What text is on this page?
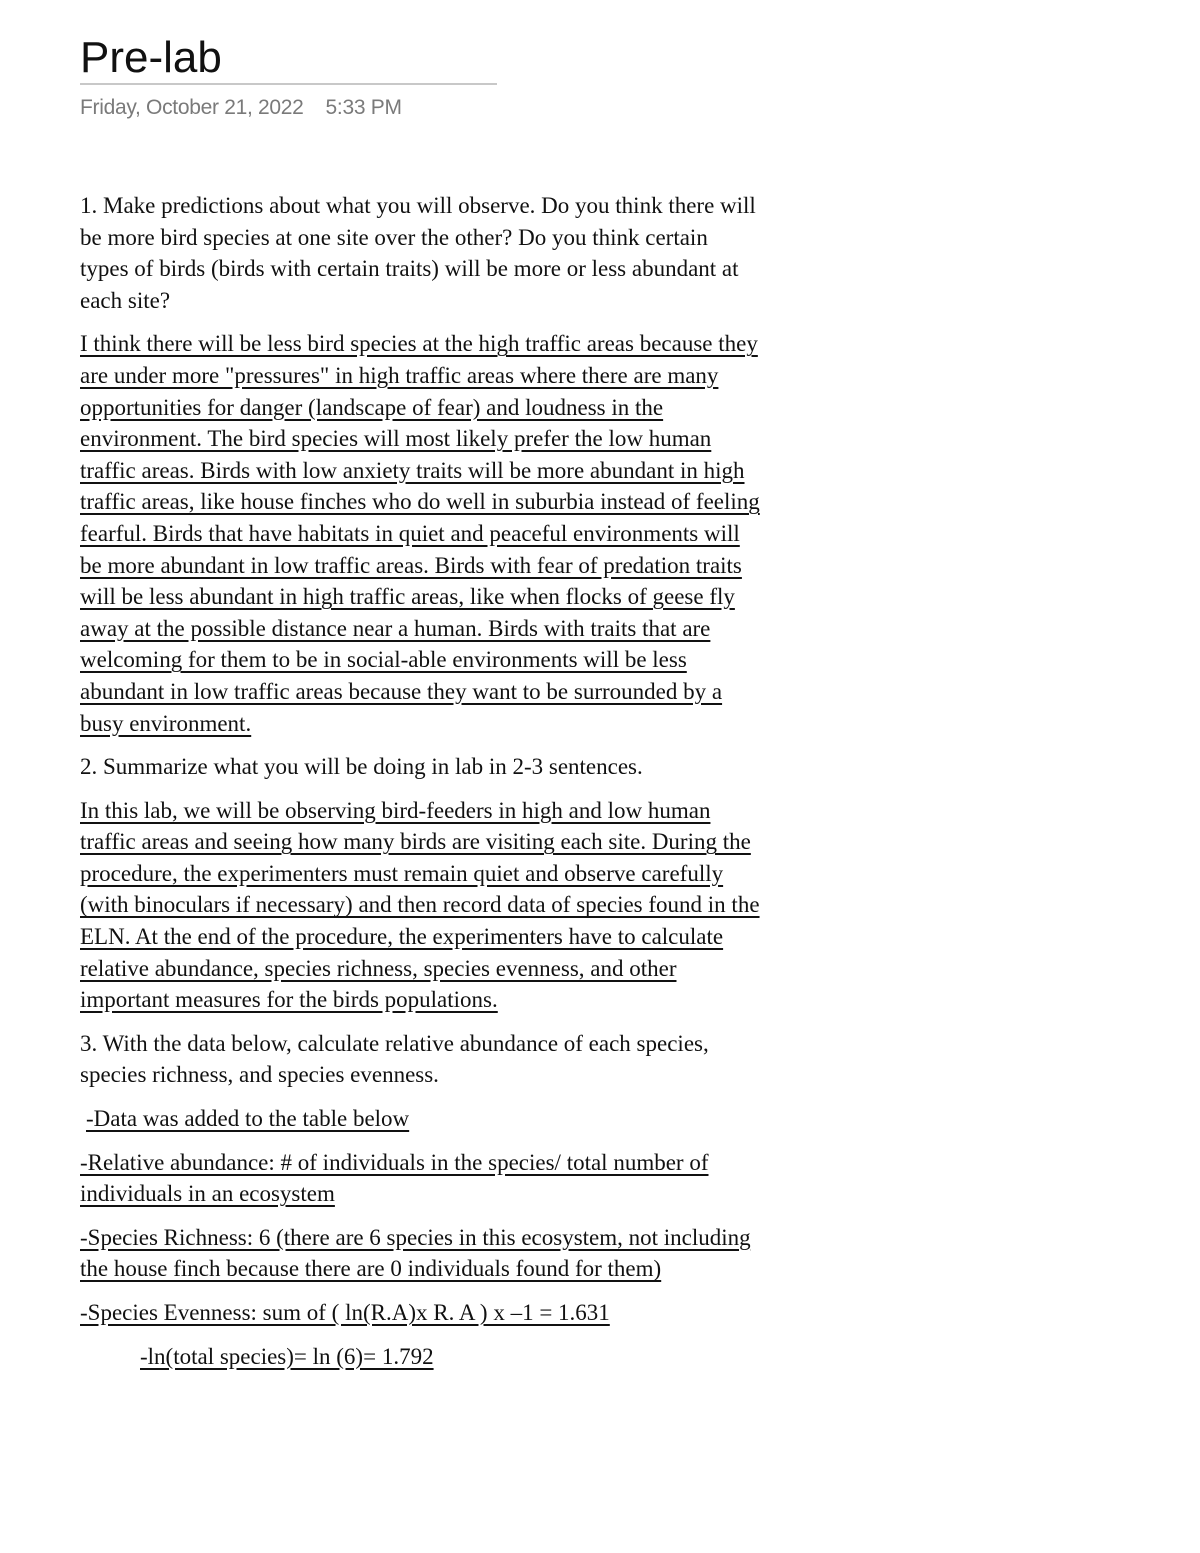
Pre-lab
Friday, October 21, 2022 5:33 PM

1. Make predictions about what you will observe. Do you think there will be more bird species at one site over the other? Do you think certain types of birds (birds with certain traits) will be more or less abundant at each site?

I think there will be less bird species at the high traffic areas because they are under more "pressures" in high traffic areas where there are many opportunities for danger (landscape of fear) and loudness in the environment. The bird species will most likely prefer the low human traffic areas. Birds with low anxiety traits will be more abundant in high traffic areas, like house finches who do well in suburbia instead of feeling fearful. Birds that have habitats in quiet and peaceful environments will be more abundant in low traffic areas. Birds with fear of predation traits will be less abundant in high traffic areas, like when flocks of geese fly away at the possible distance near a human. Birds with traits that are welcoming for them to be in social-able environments will be less abundant in low traffic areas because they want to be surrounded by a busy environment.

2. Summarize what you will be doing in lab in 2-3 sentences.

In this lab, we will be observing bird-feeders in high and low human traffic areas and seeing how many birds are visiting each site. During the procedure, the experimenters must remain quiet and observe carefully (with binoculars if necessary) and then record data of species found in the ELN. At the end of the procedure, the experimenters have to calculate relative abundance, species richness, species evenness, and other important measures for the birds populations.

3. With the data below, calculate relative abundance of each species, species richness, and species evenness.

-Data was added to the table below

-Relative abundance: # of individuals in the species/ total number of individuals in an ecosystem

-Species Richness: 6 (there are 6 species in this ecosystem, not including the house finch because there are 0 individuals found for them)

-Species Evenness: sum of ( ln(R.A)x R. A ) x –1 = 1.631

-ln(total species)= ln (6)= 1.792
